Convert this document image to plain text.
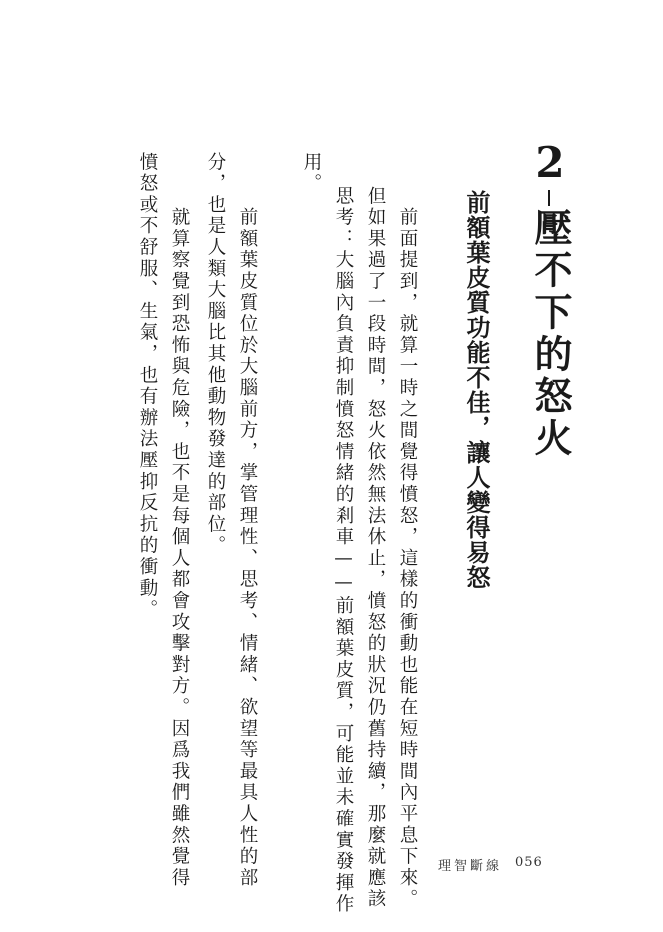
2
壓不下的怒火
前額葉皮質功能不佳，讓人變得易怒
　前面提到，就算一時之間覺得憤怒，這樣的衝動也能在短時間內平息下來。
但如果過了一段時間，怒火依然無法休止，憤怒的狀況仍舊持續，那麼就應該
思考：大腦內負責抑制憤怒情緒的剎車——前額葉皮質，可能並未確實發揮作
用。
　前額葉皮質位於大腦前方，掌管理性、思考、情緒、欲望等最具人性的部
分，也是人類大腦比其他動物發達的部位。
　就算察覺到恐怖與危險，也不是每個人都會攻擊對方。因爲我們雖然覺得
憤怒或不舒服、生氣，也有辦法壓抑反抗的衝動。
理智斷線 056
